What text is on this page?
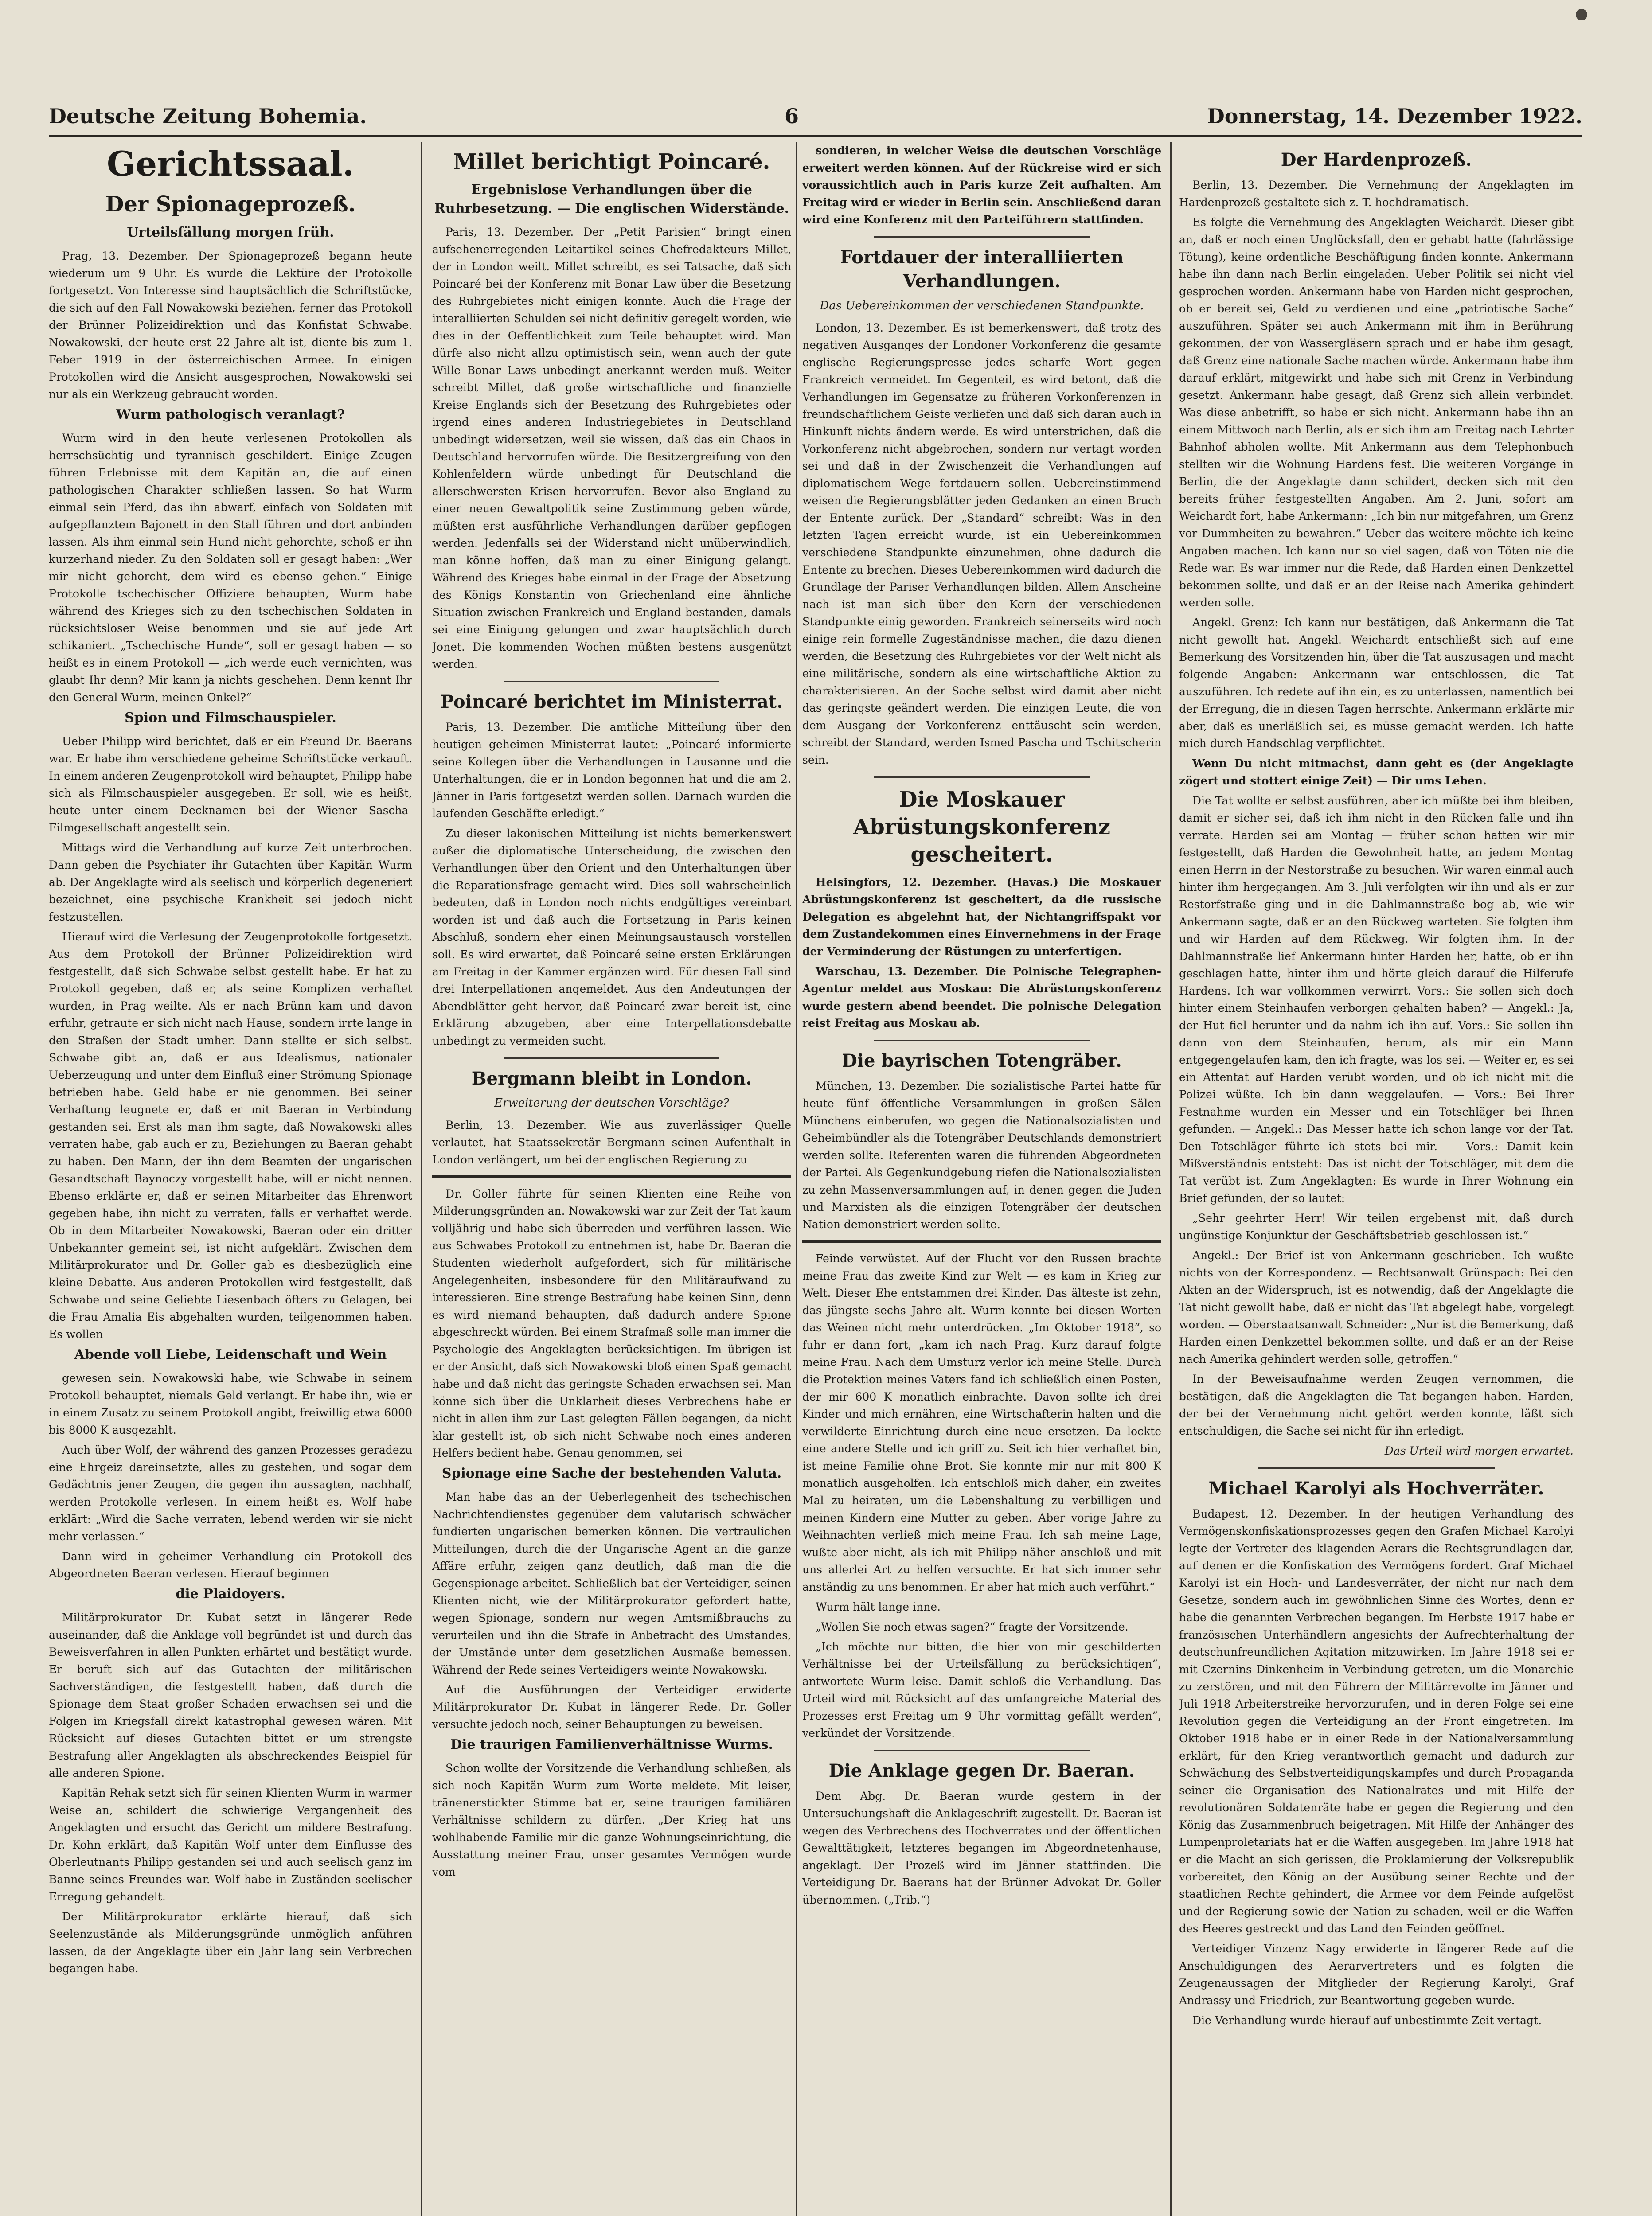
Deutsche Zeitung Bohemia.	6	Donnerstag, 14. Dezember 1922.
Gerichtssaal.
Der Spionageprozeß.
Urteilsfällung morgen früh.

Prag, 13. Dezember. Der Spionageprozeß begann heute wiederum um 9 Uhr. Es wurde die Lektüre der Protokolle fortgesetzt. Von Interesse sind hauptsächlich die Schriftstücke, die sich auf den Fall Nowakowski beziehen, ferner das Protokoll der Brünner Polizeidirektion und das Konfistat Schwabe. Nowakowski, der heute erst 22 Jahre alt ist, diente bis zum 1. Feber 1919 in der österreichischen Armee. In einigen Protokollen wird die Ansicht ausgesprochen, Nowakowski sei nur als ein Werkzeug gebraucht worden.

Wurm pathologisch veranlagt?

Wurm wird in den heute verlesenen Protokollen als herrschsüchtig und tyrannisch geschildert. Einige Zeugen führen Erlebnisse mit dem Kapitän an, die auf einen pathologischen Charakter schließen lassen. So hat Wurm einmal sein Pferd, das ihn abwarf, einfach von Soldaten mit aufgepflanztem Bajonett in den Stall führen und dort anbinden lassen. Als ihm einmal sein Hund nicht gehorchte, schoß er ihn kurzerhand nieder. Zu den Soldaten soll er gesagt haben: „Wer mir nicht gehorcht, dem wird es ebenso gehen.“ Einige Protokolle tschechischer Offiziere behaupten, Wurm habe während des Krieges sich zu den tschechischen Soldaten in rücksichtsloser Weise benommen und sie auf jede Art schikaniert. „Tschechische Hunde“, soll er gesagt haben — so heißt es in einem Protokoll — „ich werde euch vernichten, was glaubt Ihr denn? Mir kann ja nichts geschehen. Denn kennt Ihr den General Wurm, meinen Onkel?“

Spion und Filmschauspieler.

Ueber Philipp wird berichtet, daß er ein Freund Dr. Baerans war. Er habe ihm verschiedene geheime Schriftstücke verkauft. In einem anderen Zeugenprotokoll wird behauptet, Philipp habe sich als Filmschauspieler ausgegeben. Er soll, wie es heißt, heute unter einem Decknamen bei der Wiener Sascha-Filmgesellschaft angestellt sein.

Mittags wird die Verhandlung auf kurze Zeit unterbrochen. Dann geben die Psychiater ihr Gutachten über Kapitän Wurm ab. Der Angeklagte wird als seelisch und körperlich degeneriert bezeichnet, eine psychische Krankheit sei jedoch nicht festzustellen.

Hierauf wird die Verlesung der Zeugenprotokolle fortgesetzt. Aus dem Protokoll der Brünner Polizeidirektion wird festgestellt, daß sich Schwabe selbst gestellt habe. Er hat zu Protokoll gegeben, daß er, als seine Komplizen verhaftet wurden, in Prag weilte. Als er nach Brünn kam und davon erfuhr, getraute er sich nicht nach Hause, sondern irrte lange in den Straßen der Stadt umher. Dann stellte er sich selbst. Schwabe gibt an, daß er aus Idealismus, nationaler Ueberzeugung und unter dem Einfluß einer Strömung Spionage betrieben habe. Geld habe er nie genommen. Bei seiner Verhaftung leugnete er, daß er mit Baeran in Verbindung gestanden sei. Erst als man ihm sagte, daß Nowakowski alles verraten habe, gab auch er zu, Beziehungen zu Baeran gehabt zu haben. Den Mann, der ihn dem Beamten der ungarischen Gesandtschaft Baynoczy vorgestellt habe, will er nicht nennen. Ebenso erklärte er, daß er seinen Mitarbeiter das Ehrenwort gegeben habe, ihn nicht zu verraten, falls er verhaftet werde. Ob in dem Mitarbeiter Nowakowski, Baeran oder ein dritter Unbekannter gemeint sei, ist nicht aufgeklärt. Zwischen dem Militärprokurator und Dr. Goller gab es diesbezüglich eine kleine Debatte. Aus anderen Protokollen wird festgestellt, daß Schwabe und seine Geliebte Liesenbach öfters zu Gelagen, bei die Frau Amalia Eis abgehalten wurden, teilgenommen haben. Es wollen

Abende voll Liebe, Leidenschaft und Wein

gewesen sein. Nowakowski habe, wie Schwabe in seinem Protokoll behauptet, niemals Geld verlangt. Er habe ihn, wie er in einem Zusatz zu seinem Protokoll angibt, freiwillig etwa 6000 bis 8000 K ausgezahlt.

Auch über Wolf, der während des ganzen Prozesses geradezu eine Ehrgeiz dareinsetzte, alles zu gestehen, und sogar dem Gedächtnis jener Zeugen, die gegen ihn aussagten, nachhalf, werden Protokolle verlesen. In einem heißt es, Wolf habe erklärt: „Wird die Sache verraten, lebend werden wir sie nicht mehr verlassen.“

Dann wird in geheimer Verhandlung ein Protokoll des Abgeordneten Baeran verlesen. Hierauf beginnen

die Plaidoyers.

Militärprokurator Dr. Kubat setzt in längerer Rede auseinander, daß die Anklage voll begründet ist und durch das Beweisverfahren in allen Punkten erhärtet und bestätigt wurde. Er beruft sich auf das Gutachten der militärischen Sachverständigen, die festgestellt haben, daß durch die Spionage dem Staat großer Schaden erwachsen sei und die Folgen im Kriegsfall direkt katastrophal gewesen wären. Mit Rücksicht auf dieses Gutachten bittet er um strengste Bestrafung aller Angeklagten als abschreckendes Beispiel für alle anderen Spione.

Kapitän Rehak setzt sich für seinen Klienten Wurm in warmer Weise an, schildert die schwierige Vergangenheit des Angeklagten und ersucht das Gericht um mildere Bestrafung. Dr. Kohn erklärt, daß Kapitän Wolf unter dem Einflusse des Oberleutnants Philipp gestanden sei und auch seelisch ganz im Banne seines Freundes war. Wolf habe in Zuständen seelischer Erregung gehandelt.

Der Militärprokurator erklärte hierauf, daß sich Seelenzustände als Milderungsgründe unmöglich anführen lassen, da der Angeklagte über ein Jahr lang sein Verbrechen begangen habe.

Millet berichtigt Poincaré.
Ergebnislose Verhandlungen über die Ruhrbesetzung. — Die englischen Widerstände.

Paris, 13. Dezember. Der „Petit Parisien“ bringt einen aufsehenerregenden Leitartikel seines Chefredakteurs Millet, der in London weilt. Millet schreibt, es sei Tatsache, daß sich Poincaré bei der Konferenz mit Bonar Law über die Besetzung des Ruhrgebietes nicht einigen konnte. Auch die Frage der interalliierten Schulden sei nicht definitiv geregelt worden, wie dies in der Oeffentlichkeit zum Teile behauptet wird. Man dürfe also nicht allzu optimistisch sein, wenn auch der gute Wille Bonar Laws unbedingt anerkannt werden muß. Weiter schreibt Millet, daß große wirtschaftliche und finanzielle Kreise Englands sich der Besetzung des Ruhrgebietes oder irgend eines anderen Industriegebietes in Deutschland unbedingt widersetzen, weil sie wissen, daß das ein Chaos in Deutschland hervorrufen würde. Die Besitzergreifung von den Kohlenfeldern würde unbedingt für Deutschland die allerschwersten Krisen hervorrufen. Bevor also England zu einer neuen Gewaltpolitik seine Zustimmung geben würde, müßten erst ausführliche Verhandlungen darüber gepflogen werden. Jedenfalls sei der Widerstand nicht unüberwindlich, man könne hoffen, daß man zu einer Einigung gelangt. Während des Krieges habe einmal in der Frage der Absetzung des Königs Konstantin von Griechenland eine ähnliche Situation zwischen Frankreich und England bestanden, damals sei eine Einigung gelungen und zwar hauptsächlich durch Jonet. Die kommenden Wochen müßten bestens ausgenützt werden.

Poincaré berichtet im Ministerrat.

Paris, 13. Dezember. Die amtliche Mitteilung über den heutigen geheimen Ministerrat lautet: „Poincaré informierte seine Kollegen über die Verhandlungen in Lausanne und die Unterhaltungen, die er in London begonnen hat und die am 2. Jänner in Paris fortgesetzt werden sollen. Darnach wurden die laufenden Geschäfte erledigt.“

Zu dieser lakonischen Mitteilung ist nichts bemerkenswert außer die diplomatische Unterscheidung, die zwischen den Verhandlungen über den Orient und den Unterhaltungen über die Reparationsfrage gemacht wird. Dies soll wahrscheinlich bedeuten, daß in London noch nichts endgültiges vereinbart worden ist und daß auch die Fortsetzung in Paris keinen Abschluß, sondern eher einen Meinungsaustausch vorstellen soll. Es wird erwartet, daß Poincaré seine ersten Erklärungen am Freitag in der Kammer ergänzen wird. Für diesen Fall sind drei Interpellationen angemeldet. Aus den Andeutungen der Abendblätter geht hervor, daß Poincaré zwar bereit ist, eine Erklärung abzugeben, aber eine Interpellationsdebatte unbedingt zu vermeiden sucht.

Bergmann bleibt in London.
Erweiterung der deutschen Vorschläge?

Berlin, 13. Dezember. Wie aus zuverlässiger Quelle verlautet, hat Staatssekretär Bergmann seinen Aufenthalt in London verlängert, um bei der englischen Regierung zu

Dr. Goller führte für seinen Klienten eine Reihe von Milderungsgründen an. Nowakowski war zur Zeit der Tat kaum volljährig und habe sich überreden und verführen lassen. Wie aus Schwabes Protokoll zu entnehmen ist, habe Dr. Baeran die Studenten wiederholt aufgefordert, sich für militärische Angelegenheiten, insbesondere für den Militäraufwand zu interessieren. Eine strenge Bestrafung habe keinen Sinn, denn es wird niemand behaupten, daß dadurch andere Spione abgeschreckt würden. Bei einem Strafmaß solle man immer die Psychologie des Angeklagten berücksichtigen. Im übrigen ist er der Ansicht, daß sich Nowakowski bloß einen Spaß gemacht habe und daß nicht das geringste Schaden erwachsen sei. Man könne sich über die Unklarheit dieses Verbrechens habe er nicht in allen ihm zur Last gelegten Fällen begangen, da nicht klar gestellt ist, ob sich nicht Schwabe noch eines anderen Helfers bedient habe. Genau genommen, sei

Spionage eine Sache der bestehenden Valuta.

Man habe das an der Ueberlegenheit des tschechischen Nachrichtendienstes gegenüber dem valutarisch schwächer fundierten ungarischen bemerken können. Die vertraulichen Mitteilungen, durch die der Ungarische Agent an die ganze Affäre erfuhr, zeigen ganz deutlich, daß man die die Gegenspionage arbeitet. Schließlich bat der Verteidiger, seinen Klienten nicht, wie der Militärprokurator gefordert hatte, wegen Spionage, sondern nur wegen Amtsmißbrauchs zu verurteilen und ihn die Strafe in Anbetracht des Umstandes, der Umstände unter dem gesetzlichen Ausmaße bemessen. Während der Rede seines Verteidigers weinte Nowakowski.

Auf die Ausführungen der Verteidiger erwiderte Militärprokurator Dr. Kubat in längerer Rede. Dr. Goller versuchte jedoch noch, seiner Behauptungen zu beweisen.

Die traurigen Familienverhältnisse Wurms.

Schon wollte der Vorsitzende die Verhandlung schließen, als sich noch Kapitän Wurm zum Worte meldete. Mit leiser, tränenerstickter Stimme bat er, seine traurigen familiären Verhältnisse schildern zu dürfen. „Der Krieg hat uns wohlhabende Familie mir die ganze Wohnungseinrichtung, die Ausstattung meiner Frau, unser gesamtes Vermögen wurde vom

sondieren, in welcher Weise die deutschen Vorschläge erweitert werden können. Auf der Rückreise wird er sich voraussichtlich auch in Paris kurze Zeit aufhalten. Am Freitag wird er wieder in Berlin sein. Anschließend daran wird eine Konferenz mit den Parteiführern stattfinden.

Fortdauer der interalliierten Verhandlungen.
Das Uebereinkommen der verschiedenen Standpunkte.

London, 13. Dezember. Es ist bemerkenswert, daß trotz des negativen Ausganges der Londoner Vorkonferenz die gesamte englische Regierungspresse jedes scharfe Wort gegen Frankreich vermeidet. Im Gegenteil, es wird betont, daß die Verhandlungen im Gegensatze zu früheren Vorkonferenzen in freundschaftlichem Geiste verliefen und daß sich daran auch in Hinkunft nichts ändern werde. Es wird unterstrichen, daß die Vorkonferenz nicht abgebrochen, sondern nur vertagt worden sei und daß in der Zwischenzeit die Verhandlungen auf diplomatischem Wege fortdauern sollen. Uebereinstimmend weisen die Regierungsblätter jeden Gedanken an einen Bruch der Entente zurück. Der „Standard“ schreibt: Was in den letzten Tagen erreicht wurde, ist ein Uebereinkommen verschiedene Standpunkte einzunehmen, ohne dadurch die Entente zu brechen. Dieses Uebereinkommen wird dadurch die Grundlage der Pariser Verhandlungen bilden. Allem Anscheine nach ist man sich über den Kern der verschiedenen Standpunkte einig geworden. Frankreich seinerseits wird noch einige rein formelle Zugeständnisse machen, die dazu dienen werden, die Besetzung des Ruhrgebietes vor der Welt nicht als eine militärische, sondern als eine wirtschaftliche Aktion zu charakterisieren. An der Sache selbst wird damit aber nicht das geringste geändert werden. Die einzigen Leute, die von dem Ausgang der Vorkonferenz enttäuscht sein werden, schreibt der Standard, werden Ismed Pascha und Tschitscherin sein.

Die Moskauer Abrüstungskonferenz gescheitert.

Helsingfors, 12. Dezember. (Havas.) Die Moskauer Abrüstungskonferenz ist gescheitert, da die russische Delegation es abgelehnt hat, der Nichtangriffspakt vor dem Zustandekommen eines Einvernehmens in der Frage der Verminderung der Rüstungen zu unterfertigen.

Warschau, 13. Dezember. Die Polnische Telegraphen-Agentur meldet aus Moskau: Die Abrüstungskonferenz wurde gestern abend beendet. Die polnische Delegation reist Freitag aus Moskau ab.

Die bayrischen Totengräber.

München, 13. Dezember. Die sozialistische Partei hatte für heute fünf öffentliche Versammlungen in großen Sälen Münchens einberufen, wo gegen die Nationalsozialisten und Geheimbündler als die Totengräber Deutschlands demonstriert werden sollte. Referenten waren die führenden Abgeordneten der Partei. Als Gegenkundgebung riefen die Nationalsozialisten zu zehn Massenversammlungen auf, in denen gegen die Juden und Marxisten als die einzigen Totengräber der deutschen Nation demonstriert werden sollte.

Feinde verwüstet. Auf der Flucht vor den Russen brachte meine Frau das zweite Kind zur Welt — es kam in Krieg zur Welt. Dieser Ehe entstammen drei Kinder. Das älteste ist zehn, das jüngste sechs Jahre alt. Wurm konnte bei diesen Worten das Weinen nicht mehr unterdrücken. „Im Oktober 1918“, so fuhr er dann fort, „kam ich nach Prag. Kurz darauf folgte meine Frau. Nach dem Umsturz verlor ich meine Stelle. Durch die Protektion meines Vaters fand ich schließlich einen Posten, der mir 600 K monatlich einbrachte. Davon sollte ich drei Kinder und mich ernähren, eine Wirtschafterin halten und die verwilderte Einrichtung durch eine neue ersetzen. Da lockte eine andere Stelle und ich griff zu. Seit ich hier verhaftet bin, ist meine Familie ohne Brot. Sie konnte mir nur mit 800 K monatlich ausgeholfen. Ich entschloß mich daher, ein zweites Mal zu heiraten, um die Lebenshaltung zu verbilligen und meinen Kindern eine Mutter zu geben. Aber vorige Jahre zu Weihnachten verließ mich meine Frau. Ich sah meine Lage, wußte aber nicht, als ich mit Philipp näher anschloß und mit uns allerlei Art zu helfen versuchte. Er hat sich immer sehr anständig zu uns benommen. Er aber hat mich auch verführt.“

Wurm hält lange inne.

„Wollen Sie noch etwas sagen?“ fragte der Vorsitzende.

„Ich möchte nur bitten, die hier von mir geschilderten Verhältnisse bei der Urteilsfällung zu berücksichtigen“, antwortete Wurm leise. Damit schloß die Verhandlung. Das Urteil wird mit Rücksicht auf das umfangreiche Material des Prozesses erst Freitag um 9 Uhr vormittag gefällt werden“, verkündet der Vorsitzende.

Die Anklage gegen Dr. Baeran.

Dem Abg. Dr. Baeran wurde gestern in der Untersuchungshaft die Anklageschrift zugestellt. Dr. Baeran ist wegen des Verbrechens des Hochverrates und der öffentlichen Gewalttätigkeit, letzteres begangen im Abgeordnetenhause, angeklagt. Der Prozeß wird im Jänner stattfinden. Die Verteidigung Dr. Baerans hat der Brünner Advokat Dr. Goller übernommen. („Trib.“)

Der Hardenprozeß.

Berlin, 13. Dezember. Die Vernehmung der Angeklagten im Hardenprozeß gestaltete sich z. T. hochdramatisch.

Es folgte die Vernehmung des Angeklagten Weichardt. Dieser gibt an, daß er noch einen Unglücksfall, den er gehabt hatte (fahrlässige Tötung), keine ordentliche Beschäftigung finden konnte. Ankermann habe ihn dann nach Berlin eingeladen. Ueber Politik sei nicht viel gesprochen worden. Ankermann habe von Harden nicht gesprochen, ob er bereit sei, Geld zu verdienen und eine „patriotische Sache“ auszuführen. Später sei auch Ankermann mit ihm in Berührung gekommen, der von Wassergläsern sprach und er habe ihm gesagt, daß Grenz eine nationale Sache machen würde. Ankermann habe ihm darauf erklärt, mitgewirkt und habe sich mit Grenz in Verbindung gesetzt. Ankermann habe gesagt, daß Grenz sich allein verbindet. Was diese anbetrifft, so habe er sich nicht. Ankermann habe ihn an einem Mittwoch nach Berlin, als er sich ihm am Freitag nach Lehrter Bahnhof abholen wollte. Mit Ankermann aus dem Telephonbuch stellten wir die Wohnung Hardens fest. Die weiteren Vorgänge in Berlin, die der Angeklagte dann schildert, decken sich mit den bereits früher festgestellten Angaben. Am 2. Juni, sofort am Weichardt fort, habe Ankermann: „Ich bin nur mitgefahren, um Grenz vor Dummheiten zu bewahren.“ Ueber das weitere möchte ich keine Angaben machen. Ich kann nur so viel sagen, daß von Töten nie die Rede war. Es war immer nur die Rede, daß Harden einen Denkzettel bekommen sollte, und daß er an der Reise nach Amerika gehindert werden solle.

Angekl. Grenz: Ich kann nur bestätigen, daß Ankermann die Tat nicht gewollt hat. Angekl. Weichardt entschließt sich auf eine Bemerkung des Vorsitzenden hin, über die Tat auszusagen und macht folgende Angaben: Ankermann war entschlossen, die Tat auszuführen. Ich redete auf ihn ein, es zu unterlassen, namentlich bei der Erregung, die in diesen Tagen herrschte. Ankermann erklärte mir aber, daß es unerläßlich sei, es müsse gemacht werden. Ich hatte mich durch Handschlag verpflichtet.

Wenn Du nicht mitmachst, dann geht es (der Angeklagte zögert und stottert einige Zeit) — Dir ums Leben.

Die Tat wollte er selbst ausführen, aber ich müßte bei ihm bleiben, damit er sicher sei, daß ich ihm nicht in den Rücken falle und ihn verrate. Harden sei am Montag — früher schon hatten wir mir festgestellt, daß Harden die Gewohnheit hatte, an jedem Montag einen Herrn in der Nestorstraße zu besuchen. Wir waren einmal auch hinter ihm hergegangen. Am 3. Juli verfolgten wir ihn und als er zur Restorfstraße ging und in die Dahlmannstraße bog ab, wie wir Ankermann sagte, daß er an den Rückweg warteten. Sie folgten ihm und wir Harden auf dem Rückweg. Wir folgten ihm. In der Dahlmannstraße lief Ankermann hinter Harden her, hatte, ob er ihn geschlagen hatte, hinter ihm und hörte gleich darauf die Hilferufe Hardens. Ich war vollkommen verwirrt. Vors.: Sie sollen sich doch hinter einem Steinhaufen verborgen gehalten haben? — Angekl.: Ja, der Hut fiel herunter und da nahm ich ihn auf. Vors.: Sie sollen ihn dann von dem Steinhaufen, herum, als mir ein Mann entgegengelaufen kam, den ich fragte, was los sei. — Weiter er, es sei ein Attentat auf Harden verübt worden, und ob ich nicht mit die Polizei wüßte. Ich bin dann weggelaufen. — Vors.: Bei Ihrer Festnahme wurden ein Messer und ein Totschläger bei Ihnen gefunden. — Angekl.: Das Messer hatte ich schon lange vor der Tat. Den Totschläger führte ich stets bei mir. — Vors.: Damit kein Mißverständnis entsteht: Das ist nicht der Totschläger, mit dem die Tat verübt ist. Zum Angeklagten: Es wurde in Ihrer Wohnung ein Brief gefunden, der so lautet:

„Sehr geehrter Herr! Wir teilen ergebenst mit, daß durch ungünstige Konjunktur der Geschäftsbetrieb geschlossen ist.“

Angekl.: Der Brief ist von Ankermann geschrieben. Ich wußte nichts von der Korrespondenz. — Rechtsanwalt Grünspach: Bei den Akten an der Widerspruch, ist es notwendig, daß der Angeklagte die Tat nicht gewollt habe, daß er nicht das Tat abgelegt habe, vorgelegt worden. — Oberstaatsanwalt Schneider: „Nur ist die Bemerkung, daß Harden einen Denkzettel bekommen sollte, und daß er an der Reise nach Amerika gehindert werden solle, getroffen.“

In der Beweisaufnahme werden Zeugen vernommen, die bestätigen, daß die Angeklagten die Tat begangen haben. Harden, der bei der Vernehmung nicht gehört werden konnte, läßt sich entschuldigen, die Sache sei nicht für ihn erledigt.

Das Urteil wird morgen erwartet.

Michael Karolyi als Hochverräter.

Budapest, 12. Dezember. In der heutigen Verhandlung des Vermögenskonfiskationsprozesses gegen den Grafen Michael Karolyi legte der Vertreter des klagenden Aerars die Rechtsgrundlagen dar, auf denen er die Konfiskation des Vermögens fordert. Graf Michael Karolyi ist ein Hoch- und Landesverräter, der nicht nur nach dem Gesetze, sondern auch im gewöhnlichen Sinne des Wortes, denn er habe die genannten Verbrechen begangen. Im Herbste 1917 habe er französischen Unterhändlern angesichts der Aufrechterhaltung der deutschunfreundlichen Agitation mitzuwirken. Im Jahre 1918 sei er mit Czernins Dinkenheim in Verbindung getreten, um die Monarchie zu zerstören, und mit den Führern der Militärrevolte im Jänner und Juli 1918 Arbeiterstreike hervorzurufen, und in deren Folge sei eine Revolution gegen die Verteidigung an der Front eingetreten. Im Oktober 1918 habe er in einer Rede in der Nationalversammlung erklärt, für den Krieg verantwortlich gemacht und dadurch zur Schwächung des Selbstverteidigungskampfes und durch Propaganda seiner die Organisation des Nationalrates und mit Hilfe der revolutionären Soldatenräte habe er gegen die Regierung und den König das Zusammenbruch beigetragen. Mit Hilfe der Anhänger des Lumpenproletariats hat er die Waffen ausgegeben. Im Jahre 1918 hat er die Macht an sich gerissen, die Proklamierung der Volksrepublik vorbereitet, den König an der Ausübung seiner Rechte und der staatlichen Rechte gehindert, die Armee vor dem Feinde aufgelöst und der Regierung sowie der Nation zu schaden, weil er die Waffen des Heeres gestreckt und das Land den Feinden geöffnet.

Verteidiger Vinzenz Nagy erwiderte in längerer Rede auf die Anschuldigungen des Aerarvertreters und es folgten die Zeugenaussagen der Mitglieder der Regierung Karolyi, Graf Andrassy und Friedrich, zur Beantwortung gegeben wurde.

Die Verhandlung wurde hierauf auf unbestimmte Zeit vertagt.
